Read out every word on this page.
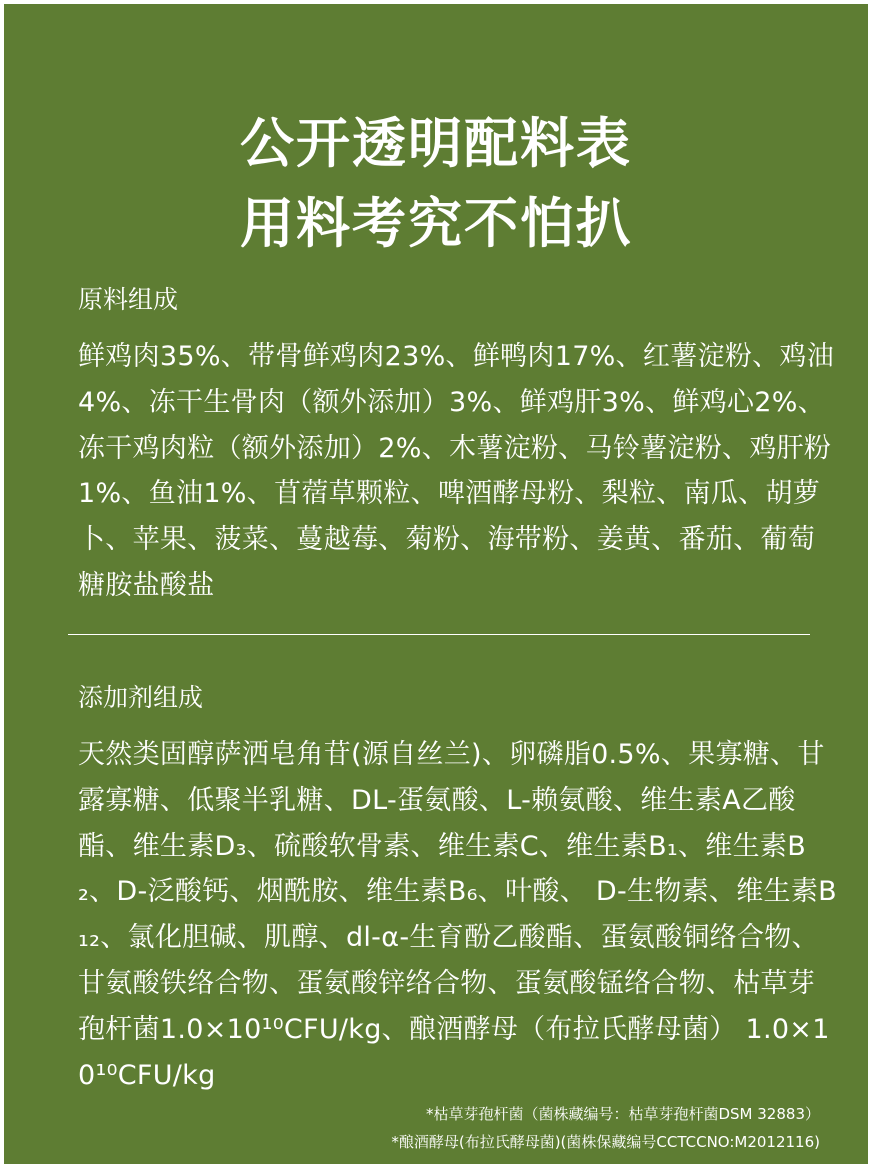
公开透明配料表
用料考究不怕扒
原料组成
鲜鸡肉35%、带骨鲜鸡肉23%、鲜鸭肉17%、红薯淀粉、鸡油4%、冻干生骨肉（额外添加）3%、鲜鸡肝3%、鲜鸡心2%、冻干鸡肉粒（额外添加）2%、木薯淀粉、马铃薯淀粉、鸡肝粉1%、鱼油1%、苜蓿草颗粒、啤酒酵母粉、梨粒、南瓜、胡萝卜、苹果、菠菜、蔓越莓、菊粉、海带粉、姜黄、番茄、葡萄糖胺盐酸盐
添加剂组成
天然类固醇萨洒皂角苷(源自丝兰)、卵磷脂0.5%、果寡糖、甘露寡糖、低聚半乳糖、DL-蛋氨酸、L-赖氨酸、维生素A乙酸酯、维生素D₃、硫酸软骨素、维生素C、维生素B₁、维生素B₂、D-泛酸钙、烟酰胺、维生素B₆、叶酸、 D-生物素、维生素B₁₂、氯化胆碱、肌醇、dl-α-生育酚乙酸酯、蛋氨酸铜络合物、甘氨酸铁络合物、蛋氨酸锌络合物、蛋氨酸锰络合物、枯草芽孢杆菌1.0×10¹⁰CFU/kg、酿酒酵母（布拉氏酵母菌） 1.0×10¹⁰CFU/kg
*枯草芽孢杆菌（菌株藏编号：枯草芽孢杆菌DSM 32883）
*酿酒酵母(布拉氏酵母菌)(菌株保藏编号CCTCCNO:M2012116)
